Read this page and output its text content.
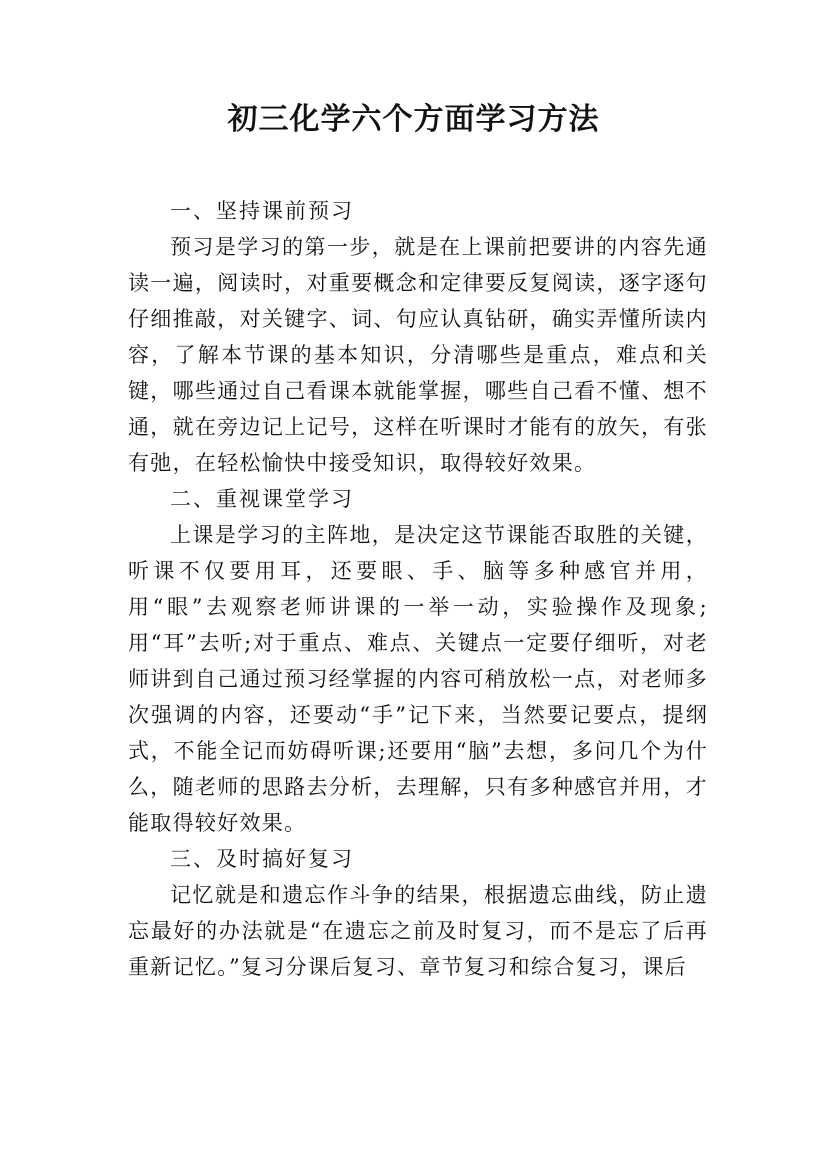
初三化学六个方面学习方法

一、坚持课前预习

预习是学习的第一步，就是在上课前把要讲的内容先通读一遍，阅读时，对重要概念和定律要反复阅读，逐字逐句仔细推敲，对关键字、词、句应认真钻研，确实弄懂所读内容，了解本节课的基本知识，分清哪些是重点，难点和关键，哪些通过自己看课本就能掌握，哪些自己看不懂、想不通，就在旁边记上记号，这样在听课时才能有的放矢，有张有弛，在轻松愉快中接受知识，取得较好效果。

二、重视课堂学习

上课是学习的主阵地，是决定这节课能否取胜的关键，听课不仅要用耳，还要眼、手、脑等多种感官并用，用“眼”去观察老师讲课的一举一动，实验操作及现象;用“耳”去听;对于重点、难点、关键点一定要仔细听，对老师讲到自己通过预习经掌握的内容可稍放松一点，对老师多次强调的内容，还要动“手”记下来，当然要记要点，提纲式，不能全记而妨碍听课;还要用“脑”去想，多问几个为什么，随老师的思路去分析，去理解，只有多种感官并用，才能取得较好效果。

三、及时搞好复习

记忆就是和遗忘作斗争的结果，根据遗忘曲线，防止遗忘最好的办法就是“在遗忘之前及时复习，而不是忘了后再重新记忆。”复习分课后复习、章节复习和综合复习，课后
